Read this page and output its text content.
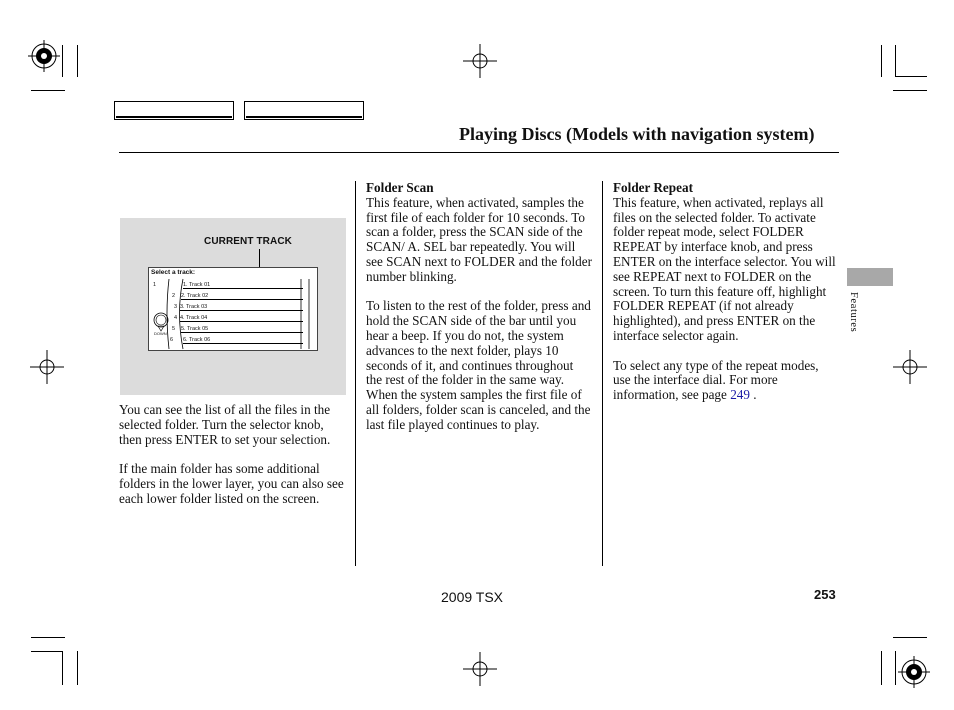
Playing Discs (Models with navigation system)
CURRENT TRACK
Select a track:
1
2
3
4
5
6
DOWN
1. Track 01
2. Track 02
3. Track 03
4. Track 04
5. Track 05
6. Track 06

You can see the list of all the files in the selected folder. Turn the selector knob, then press ENTER to set your selection.

If the main folder has some additional folders in the lower layer, you can also see each lower folder listed on the screen.

Folder Scan

This feature, when activated, samples the first file of each folder for 10 seconds. To scan a folder, press the SCAN side of the SCAN/ A. SEL bar repeatedly. You will see SCAN next to FOLDER and the folder number blinking.

To listen to the rest of the folder, press and hold the SCAN side of the bar until you hear a beep. If you do not, the system advances to the next folder, plays 10 seconds of it, and continues throughout the rest of the folder in the same way. When the system samples the first file of all folders, folder scan is canceled, and the last file played continues to play.

Folder Repeat

This feature, when activated, replays all files on the selected folder. To activate folder repeat mode, select FOLDER REPEAT by interface knob, and press ENTER on the interface selector. You will see REPEAT next to FOLDER on the screen. To turn this feature off, highlight FOLDER REPEAT (if not already highlighted), and press ENTER on the interface selector again.

To select any type of the repeat modes, use the interface dial. For more information, see page 249 .

Features
2009 TSX	253
